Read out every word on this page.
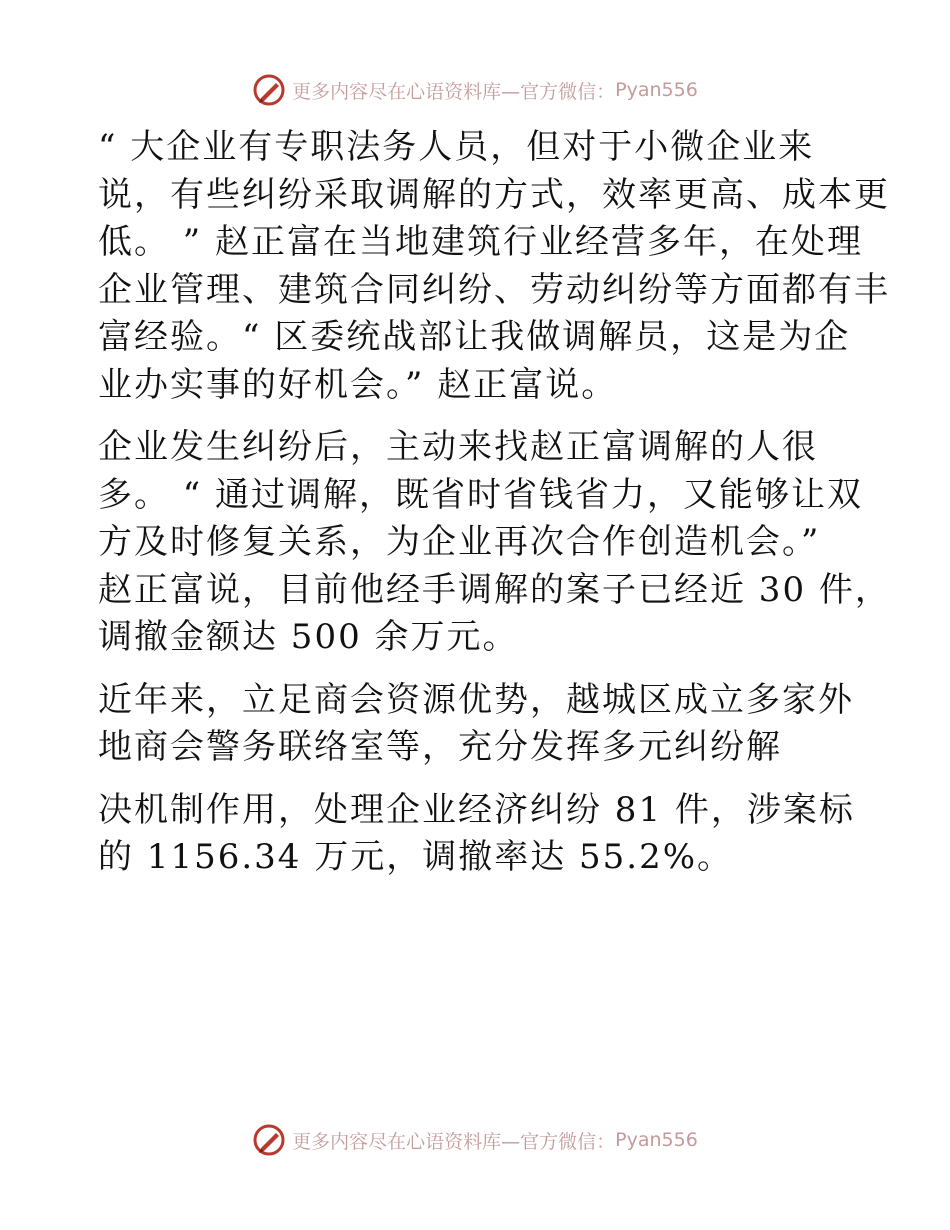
更多内容尽在心语资料库—官方微信： Pyan556
“ 大企业有专职法务人员，但对于小微企业来
说，有些纠纷采取调解的方式，效率更高、成本更
低。 ” 赵正富在当地建筑行业经营多年，在处理
企业管理、建筑合同纠纷、劳动纠纷等方面都有丰
富经验。“ 区委统战部让我做调解员，这是为企
业办实事的好机会。” 赵正富说。
企业发生纠纷后，主动来找赵正富调解的人很
多。 “ 通过调解，既省时省钱省力，又能够让双
方及时修复关系，为企业再次合作创造机会。”
赵正富说，目前他经手调解的案子已经近 30 件，
调撤金额达 500 余万元。
近年来，立足商会资源优势，越城区成立多家外
地商会警务联络室等，充分发挥多元纠纷解
决机制作用，处理企业经济纠纷 81 件，涉案标
的 1156.34 万元，调撤率达 55.2%。
更多内容尽在心语资料库—官方微信： Pyan556
